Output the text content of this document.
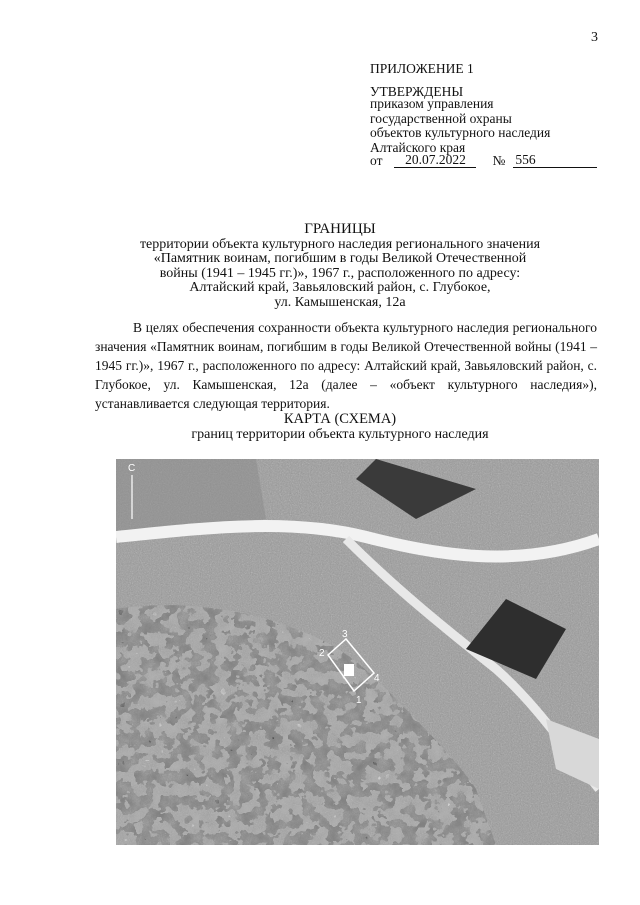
3
ПРИЛОЖЕНИЕ 1
УТВЕРЖДЕНЫ
приказом управления
государственной охраны
объектов культурного наследия
Алтайского края
от	20.07.2022	№ 556
ГРАНИЦЫ
территории объекта культурного наследия регионального значения
«Памятник воинам, погибшим в годы Великой Отечественной
войны (1941 – 1945 гг.)», 1967 г., расположенного по адресу:
Алтайский край, Завьяловский район, с. Глубокое,
ул. Камышенская, 12а
В целях обеспечения сохранности объекта культурного наследия регионального значения «Памятник воинам, погибшим в годы Великой Отечественной войны (1941 – 1945 гг.)», 1967 г., расположенного по адресу: Алтайский край, Завьяловский район, с. Глубокое, ул. Камышенская, 12а (далее – «объект культурного наследия»), устанавливается следующая территория.
КАРТА (СХЕМА)
границ территории объекта культурного наследия
С
1
2
3
4
